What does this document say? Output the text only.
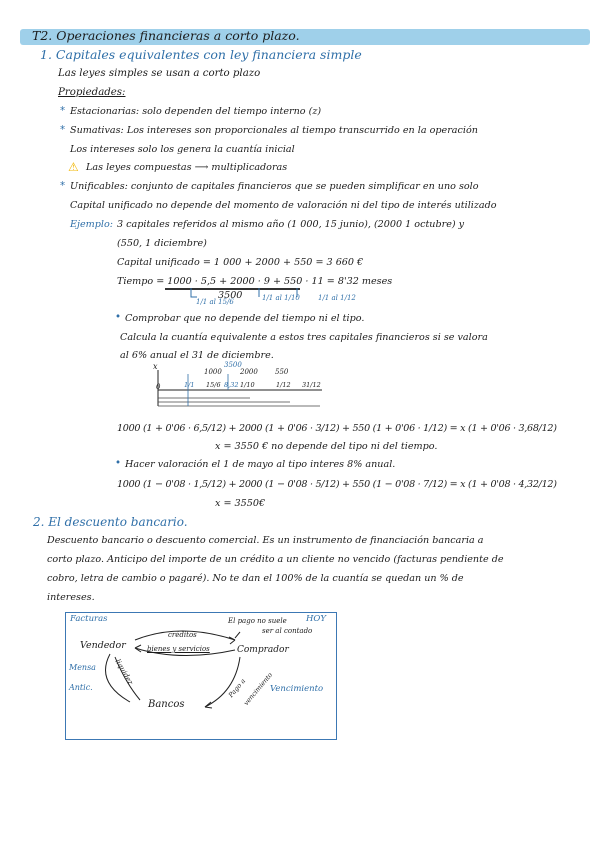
T2. Operaciones financieras a corto plazo.
1. Capitales equivalentes con ley financiera simple
Las leyes simples se usan a corto plazo
Propiedades:
* Estacionarias: solo dependen del tiempo interno (z)
* Sumativas: Los intereses son proporcionales al tiempo transcurrido en la operación
Los intereses solo los genera la cuantía inicial
⚠ Las leyes compuestas ⟶ multiplicadoras
* Unificables: conjunto de capitales financieros que se pueden simplificar en uno solo
Capital unificado no depende del momento de valoración ni del tipo de interés utilizado
Ejemplo: 3 capitales referidos al mismo año (1 000, 15 junio), (2000 1 octubre) y
(550, 1 diciembre)
Capital unificado = 1 000 + 2000 + 550 = 3 660 €
Tiempo = 1000 · 5,5 + 2000 · 9 + 550 · 11 = 8'32 meses
3500
1/1 al 15/6	1/1 al 1/10	1/1 al 1/12
• Comprobar que no depende del tiempo ni el tipo.
Calcula la cuantía equivalente a estos tres capitales financieros si se valora
al 6% anual el 31 de diciembre.
x
1000
3500
2000 550
0	1/1 15/6 8,32 1/10	1/12 31/12
1000 (1 + 0'06 · 6,5/12) + 2000 (1 + 0'06 · 3/12) + 550 (1 + 0'06 · 1/12) = x (1 + 0'06 · 3,68/12)
x = 3550 € no depende del tipo ni del tiempo.
• Hacer valoración el 1 de mayo al tipo interes 8% anual.
1000 (1 − 0'08 · 1,5/12) + 2000 (1 − 0'08 · 5/12) + 550 (1 − 0'08 · 7/12) = x (1 + 0'08 · 4,32/12)
x = 3550€
2. El descuento bancario.
Descuento bancario o descuento comercial. Es un instrumento de financiación bancaria a
corto plazo. Anticipo del importe de un crédito a un cliente no vencido (facturas pendiente de
cobro, letra de cambio o pagaré). No te dan el 100% de la cuantía se quedan un % de
intereses.
Facturas	HOY
El pago no suele
ser al contado
créditos
Vendedor	bienes y servicios	Comprador
Mensa	liquidez
Pago a
vencimiento
Antic.	Vencimiento
Bancos
